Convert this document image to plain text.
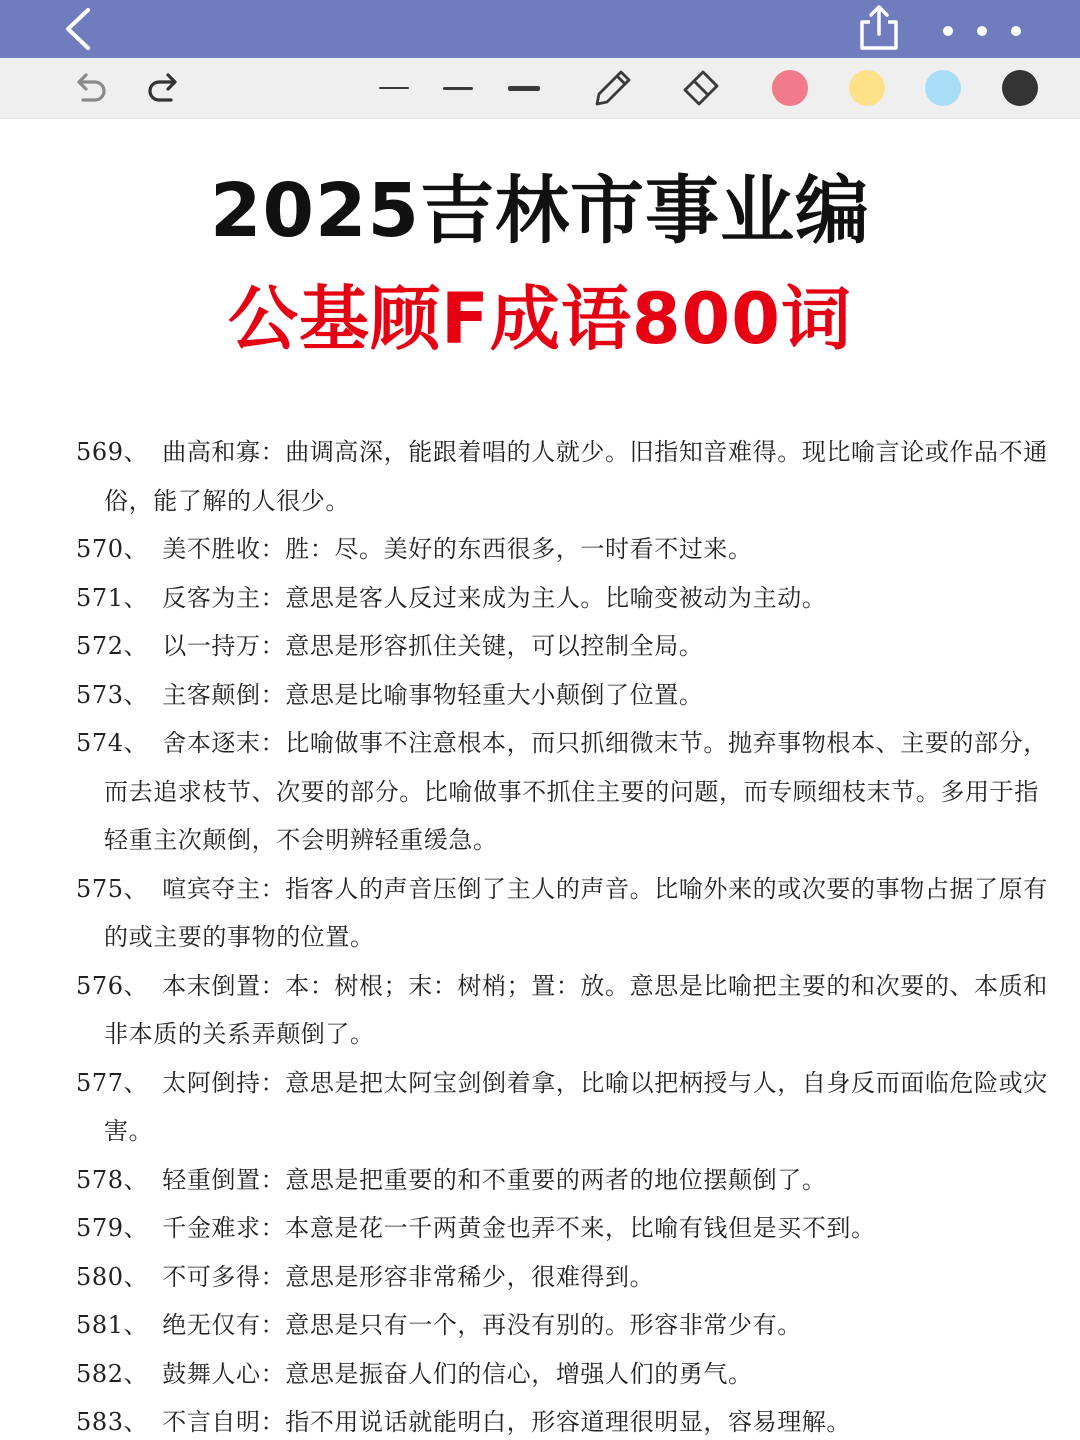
2025吉林市事业编
公基顾F成语800词
569、 曲高和寡：曲调高深，能跟着唱的人就少。旧指知音难得。现比喻言论或作品不通俗，能了解的人很少。
570、 美不胜收：胜：尽。美好的东西很多，一时看不过来。
571、 反客为主：意思是客人反过来成为主人。比喻变被动为主动。
572、 以一持万：意思是形容抓住关键，可以控制全局。
573、 主客颠倒：意思是比喻事物轻重大小颠倒了位置。
574、 舍本逐末：比喻做事不注意根本，而只抓细微末节。抛弃事物根本、主要的部分，而去追求枝节、次要的部分。比喻做事不抓住主要的问题，而专顾细枝末节。多用于指轻重主次颠倒，不会明辨轻重缓急。
575、 喧宾夺主：指客人的声音压倒了主人的声音。比喻外来的或次要的事物占据了原有的或主要的事物的位置。
576、 本末倒置：本：树根；末：树梢；置：放。意思是比喻把主要的和次要的、本质和非本质的关系弄颠倒了。
577、 太阿倒持：意思是把太阿宝剑倒着拿，比喻以把柄授与人，自身反而面临危险或灾害。
578、 轻重倒置：意思是把重要的和不重要的两者的地位摆颠倒了。
579、 千金难求：本意是花一千两黄金也弄不来，比喻有钱但是买不到。
580、 不可多得：意思是形容非常稀少，很难得到。
581、 绝无仅有：意思是只有一个，再没有别的。形容非常少有。
582、 鼓舞人心：意思是振奋人们的信心，增强人们的勇气。
583、 不言自明：指不用说话就能明白，形容道理很明显，容易理解。
